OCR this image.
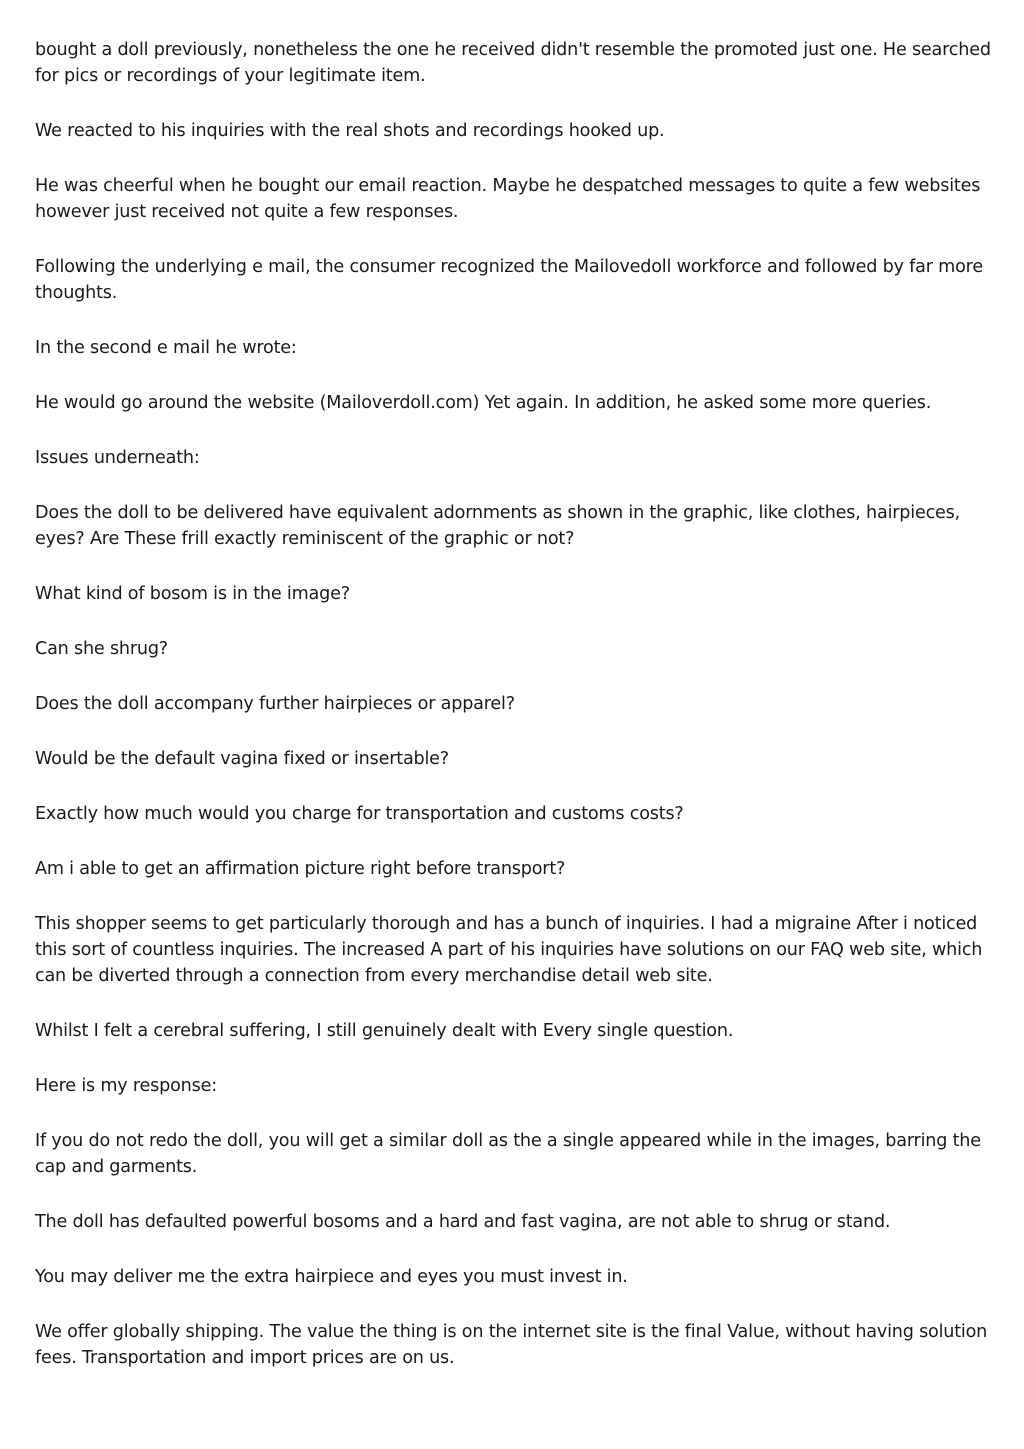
bought a doll previously, nonetheless the one he received didn't resemble the promoted just one. He searched for pics or recordings of your legitimate item.

We reacted to his inquiries with the real shots and recordings hooked up.

He was cheerful when he bought our email reaction. Maybe he despatched messages to quite a few websites however just received not quite a few responses.

Following the underlying e mail, the consumer recognized the Mailovedoll workforce and followed by far more thoughts.

In the second e mail he wrote:

He would go around the website (Mailoverdoll.com) Yet again. In addition, he asked some more queries.

Issues underneath:

Does the doll to be delivered have equivalent adornments as shown in the graphic, like clothes, hairpieces, eyes? Are These frill exactly reminiscent of the graphic or not?

What kind of bosom is in the image?

Can she shrug?

Does the doll accompany further hairpieces or apparel?

Would be the default vagina fixed or insertable?

Exactly how much would you charge for transportation and customs costs?

Am i able to get an affirmation picture right before transport?

This shopper seems to get particularly thorough and has a bunch of inquiries. I had a migraine After i noticed this sort of countless inquiries. The increased A part of his inquiries have solutions on our FAQ web site, which can be diverted through a connection from every merchandise detail web site.

Whilst I felt a cerebral suffering, I still genuinely dealt with Every single question.

Here is my response:

If you do not redo the doll, you will get a similar doll as the a single appeared while in the images, barring the cap and garments.

The doll has defaulted powerful bosoms and a hard and fast vagina, are not able to shrug or stand.

You may deliver me the extra hairpiece and eyes you must invest in.

We offer globally shipping. The value the thing is on the internet site is the final Value, without having solution fees. Transportation and import prices are on us.
